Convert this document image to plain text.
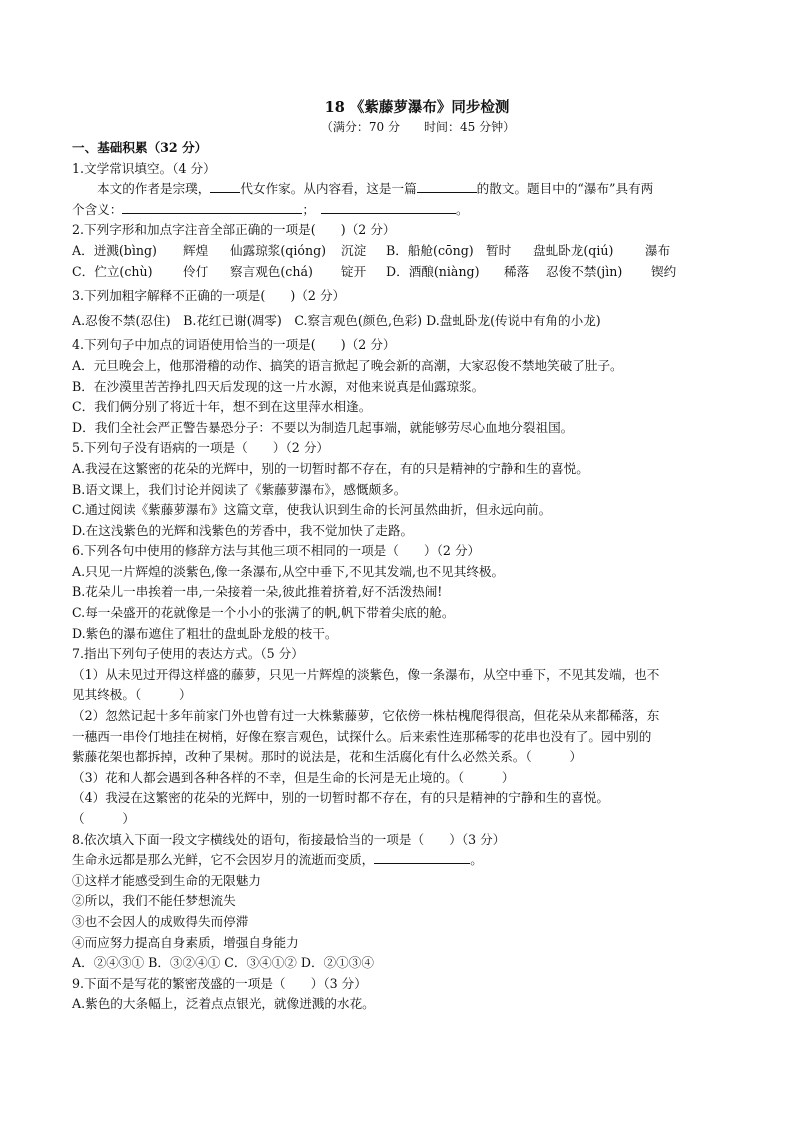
18 《紫藤萝瀑布》同步检测
（满分：70 分　　时间：45 分钟）
一、基础积累（32 分）
1.文学常识填空。（4 分）
本文的作者是宗璞， 代女作家。从内容看，这是一篇	的散文。题目中的“瀑布”具有两
个含义：	；	。
2.下列字形和加点字注音全部正确的一项是(　　)（2 分）
A．迸溅(bìng) 辉煌 仙露琼浆(qióng) 沉淀 B．船舱(cōng) 暂时 盘虬卧龙(qiú)	瀑布
C．伫立(chù) 伶仃 察言观色(chá) 锭开 D．酒酿(niàng) 稀落 忍俊不禁(jìn) 锲约
3.下列加粗字解释不正确的一项是(　　)（2 分）
A.忍俊不禁(忍住)　B.花红已谢(凋零)　C.察言观色(颜色,色彩) D.盘虬卧龙(传说中有角的小龙)
4.下列句子中加点的词语使用恰当的一项是(　　)（2 分）
A．元旦晚会上，他那滑稽的动作、搞笑的语言掀起了晚会新的高潮，大家忍俊不禁地笑破了肚子。
B．在沙漠里苦苦挣扎四天后发现的这一片水源，对他来说真是仙露琼浆。
C．我们俩分别了将近十年，想不到在这里萍水相逢。
D．我们全社会严正警告暴恐分子：不要以为制造几起事端，就能够劳尽心血地分裂祖国。
5.下列句子没有语病的一项是（　　）（2 分）
A.我浸在这繁密的花朵的光辉中，别的一切暂时都不存在，有的只是精神的宁静和生的喜悦。
B.语文课上，我们讨论并阅读了《紫藤萝瀑布》，感慨颇多。
C.通过阅读《紫藤萝瀑布》这篇文章，使我认识到生命的长河虽然曲折，但永远向前。
D.在这浅紫色的光辉和浅紫色的芳香中，我不觉加快了走路。
6.下列各句中使用的修辞方法与其他三项不相同的一项是（　　）（2 分）
A.只见一片辉煌的淡紫色,像一条瀑布,从空中垂下,不见其发端,也不见其终极。
B.花朵儿一串挨着一串,一朵接着一朵,彼此推着挤着,好不活泼热闹!
C.每一朵盛开的花就像是一个小小的张满了的帆,帆下带着尖底的舱。
D.紫色的瀑布遮住了粗壮的盘虬卧龙般的枝干。
7.指出下列句子使用的表达方式。（5 分）
（1）从未见过开得这样盛的藤萝，只见一片辉煌的淡紫色，像一条瀑布，从空中垂下，不见其发端，也不
见其终极。（　　　）
（2）忽然记起十多年前家门外也曾有过一大株紫藤萝，它依傍一株枯槐爬得很高，但花朵从来都稀落，东
一穗西一串伶仃地挂在树梢，好像在察言观色，试探什么。后来索性连那稀零的花串也没有了。园中别的
紫藤花架也都拆掉，改种了果树。那时的说法是，花和生活腐化有什么必然关系。（　　　）
（3）花和人都会遇到各种各样的不幸，但是生命的长河是无止境的。（　　　）
（4）我浸在这繁密的花朵的光辉中，别的一切暂时都不存在，有的只是精神的宁静和生的喜悦。
（　　　）
8.依次填入下面一段文字横线处的语句，衔接最恰当的一项是（　　）（3 分）
生命永远都是那么光鲜，它不会因岁月的流逝而变质，	。
①这样才能感受到生命的无限魅力
②所以，我们不能任梦想流失
③也不会因人的成败得失而停滞
④而应努力提高自身素质，增强自身能力
A．②④③① B．③②④① C．③④①② D．②①③④
9.下面不是写花的繁密茂盛的一项是（　　）（3 分）
A.紫色的大条幅上，泛着点点银光，就像迸溅的水花。
